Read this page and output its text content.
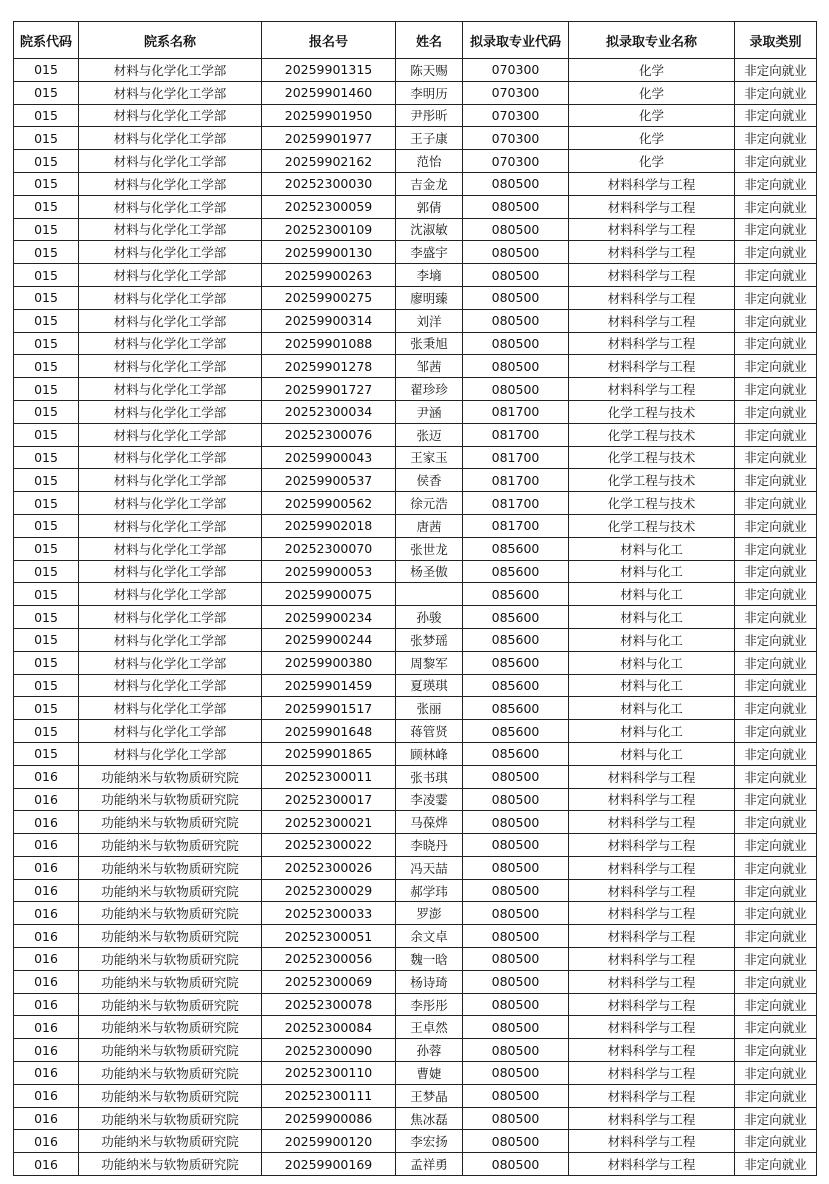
院系代码	院系名称	报名号	姓名	拟录取专业代码	拟录取专业名称	录取类别
015	材料与化学化工学部	20259901315	陈天赐	070300	化学	非定向就业
015	材料与化学化工学部	20259901460	李明历	070300	化学	非定向就业
015	材料与化学化工学部	20259901950	尹彤昕	070300	化学	非定向就业
015	材料与化学化工学部	20259901977	王子康	070300	化学	非定向就业
015	材料与化学化工学部	20259902162	范怡	070300	化学	非定向就业
015	材料与化学化工学部	20252300030	吉金龙	080500	材料科学与工程	非定向就业
015	材料与化学化工学部	20252300059	郭倩	080500	材料科学与工程	非定向就业
015	材料与化学化工学部	20252300109	沈淑敏	080500	材料科学与工程	非定向就业
015	材料与化学化工学部	20259900130	李盛宇	080500	材料科学与工程	非定向就业
015	材料与化学化工学部	20259900263	李墒	080500	材料科学与工程	非定向就业
015	材料与化学化工学部	20259900275	廖明臻	080500	材料科学与工程	非定向就业
015	材料与化学化工学部	20259900314	刘洋	080500	材料科学与工程	非定向就业
015	材料与化学化工学部	20259901088	张秉旭	080500	材料科学与工程	非定向就业
015	材料与化学化工学部	20259901278	邹茜	080500	材料科学与工程	非定向就业
015	材料与化学化工学部	20259901727	翟珍珍	080500	材料科学与工程	非定向就业
015	材料与化学化工学部	20252300034	尹涵	081700	化学工程与技术	非定向就业
015	材料与化学化工学部	20252300076	张迈	081700	化学工程与技术	非定向就业
015	材料与化学化工学部	20259900043	王家玉	081700	化学工程与技术	非定向就业
015	材料与化学化工学部	20259900537	侯香	081700	化学工程与技术	非定向就业
015	材料与化学化工学部	20259900562	徐元浩	081700	化学工程与技术	非定向就业
015	材料与化学化工学部	20259902018	唐茜	081700	化学工程与技术	非定向就业
015	材料与化学化工学部	20252300070	张世龙	085600	材料与化工	非定向就业
015	材料与化学化工学部	20259900053	杨圣傲	085600	材料与化工	非定向就业
015	材料与化学化工学部	20259900075		085600	材料与化工	非定向就业
015	材料与化学化工学部	20259900234	孙骏	085600	材料与化工	非定向就业
015	材料与化学化工学部	20259900244	张梦瑶	085600	材料与化工	非定向就业
015	材料与化学化工学部	20259900380	周黎军	085600	材料与化工	非定向就业
015	材料与化学化工学部	20259901459	夏瑛琪	085600	材料与化工	非定向就业
015	材料与化学化工学部	20259901517	张丽	085600	材料与化工	非定向就业
015	材料与化学化工学部	20259901648	蒋管贤	085600	材料与化工	非定向就业
015	材料与化学化工学部	20259901865	顾林峰	085600	材料与化工	非定向就业
016	功能纳米与软物质研究院	20252300011	张书琪	080500	材料科学与工程	非定向就业
016	功能纳米与软物质研究院	20252300017	李凌霎	080500	材料科学与工程	非定向就业
016	功能纳米与软物质研究院	20252300021	马葆烨	080500	材料科学与工程	非定向就业
016	功能纳米与软物质研究院	20252300022	李晓丹	080500	材料科学与工程	非定向就业
016	功能纳米与软物质研究院	20252300026	冯天喆	080500	材料科学与工程	非定向就业
016	功能纳米与软物质研究院	20252300029	郝学玮	080500	材料科学与工程	非定向就业
016	功能纳米与软物质研究院	20252300033	罗澎	080500	材料科学与工程	非定向就业
016	功能纳米与软物质研究院	20252300051	余文卓	080500	材料科学与工程	非定向就业
016	功能纳米与软物质研究院	20252300056	魏一晗	080500	材料科学与工程	非定向就业
016	功能纳米与软物质研究院	20252300069	杨诗琦	080500	材料科学与工程	非定向就业
016	功能纳米与软物质研究院	20252300078	李彤彤	080500	材料科学与工程	非定向就业
016	功能纳米与软物质研究院	20252300084	王卓然	080500	材料科学与工程	非定向就业
016	功能纳米与软物质研究院	20252300090	孙蓉	080500	材料科学与工程	非定向就业
016	功能纳米与软物质研究院	20252300110	曹婕	080500	材料科学与工程	非定向就业
016	功能纳米与软物质研究院	20252300111	王梦晶	080500	材料科学与工程	非定向就业
016	功能纳米与软物质研究院	20259900086	焦冰磊	080500	材料科学与工程	非定向就业
016	功能纳米与软物质研究院	20259900120	李宏扬	080500	材料科学与工程	非定向就业
016	功能纳米与软物质研究院	20259900169	孟祥勇	080500	材料科学与工程	非定向就业
